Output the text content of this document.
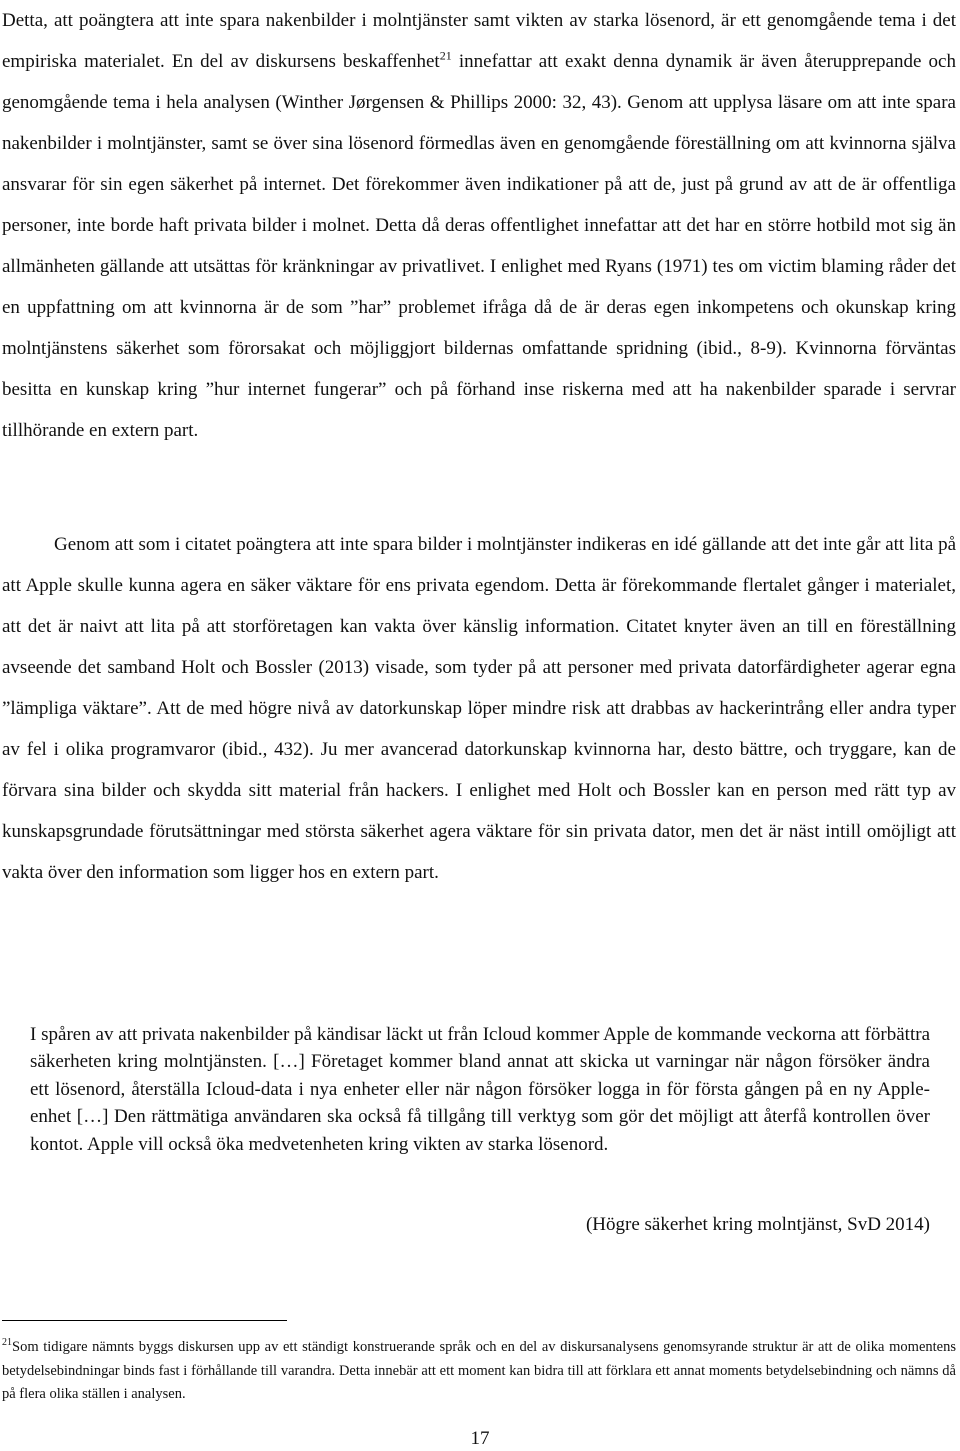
Detta, att poängtera att inte spara nakenbilder i molntjänster samt vikten av starka lösenord, är ett genomgående tema i det empiriska materialet. En del av diskursens beskaffenhet$^{21}$ innefattar att exakt denna dynamik är även återupprepande och genomgående tema i hela analysen (Winther Jørgensen & Phillips 2000: 32, 43). Genom att upplysa läsare om att inte spara nakenbilder i molntjänster, samt se över sina lösenord förmedlas även en genomgående föreställning om att kvinnorna själva ansvarar för sin egen säkerhet på internet. Det förekommer även indikationer på att de, just på grund av att de är offentliga personer, inte borde haft privata bilder i molnet. Detta då deras offentlighet innefattar att det har en större hotbild mot sig än allmänheten gällande att utsättas för kränkningar av privatlivet. I enlighet med Ryans (1971) tes om victim blaming råder det en uppfattning om att kvinnorna är de som ”har” problemet ifråga då de är deras egen inkompetens och okunskap kring molntjänstens säkerhet som förorsakat och möjliggjort bildernas omfattande spridning (ibid., 8-9). Kvinnorna förväntas besitta en kunskap kring ”hur internet fungerar” och på förhand inse riskerna med att ha nakenbilder sparade i servrar tillhörande en extern part.
Genom att som i citatet poängtera att inte spara bilder i molntjänster indikeras en idé gällande att det inte går att lita på att Apple skulle kunna agera en säker väktare för ens privata egendom. Detta är förekommande flertalet gånger i materialet, att det är naivt att lita på att storföretagen kan vakta över känslig information. Citatet knyter även an till en föreställning avseende det samband Holt och Bossler (2013) visade, som tyder på att personer med privata datorfärdigheter agerar egna ”lämpliga väktare”. Att de med högre nivå av datorkunskap löper mindre risk att drabbas av hackerintrång eller andra typer av fel i olika programvaror (ibid., 432). Ju mer avancerad datorkunskap kvinnorna har, desto bättre, och tryggare, kan de förvara sina bilder och skydda sitt material från hackers. I enlighet med Holt och Bossler kan en person med rätt typ av kunskapsgrundade förutsättningar med största säkerhet agera väktare för sin privata dator, men det är näst intill omöjligt att vakta över den information som ligger hos en extern part.
I spåren av att privata nakenbilder på kändisar läckt ut från Icloud kommer Apple de kommande veckorna att förbättra säkerheten kring molntjänsten. […] Företaget kommer bland annat att skicka ut varningar när någon försöker ändra ett lösenord, återställa Icloud-data i nya enheter eller när någon försöker logga in för första gången på en ny Apple-enhet […] Den rättmätiga användaren ska också få tillgång till verktyg som gör det möjligt att återfå kontrollen över kontot. Apple vill också öka medvetenheten kring vikten av starka lösenord.
(Högre säkerhet kring molntjänst, SvD 2014)
$^{21}$Som tidigare nämnts byggs diskursen upp av ett ständigt konstruerande språk och en del av diskursanalysens genomsyrande struktur är att de olika momentens betydelsebindningar binds fast i förhållande till varandra. Detta innebär att ett moment kan bidra till att förklara ett annat moments betydelsebindning och nämns då på flera olika ställen i analysen.
17
